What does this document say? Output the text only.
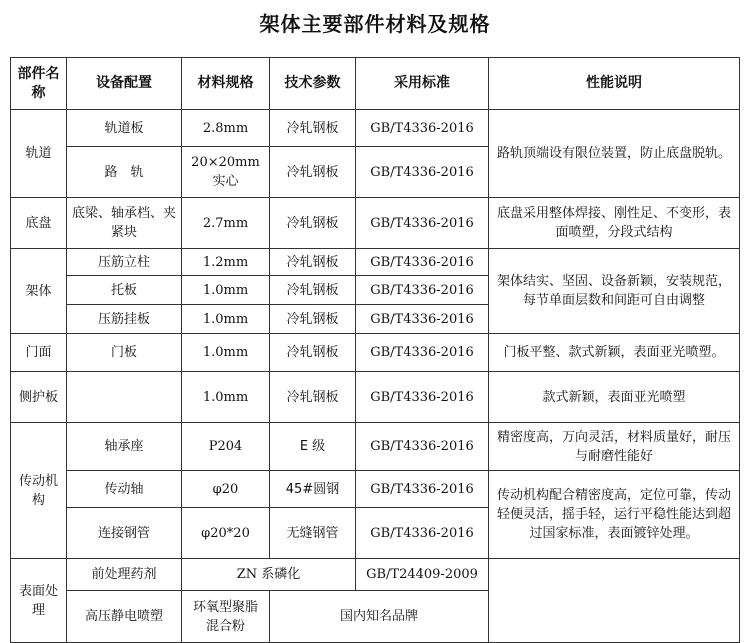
架体主要部件材料及规格
部件名称	设备配置	材料规格	技术参数	采用标准	性能说明
轨道	轨道板	2.8mm	冷轧钢板	GB/T4336-2016	路轨顶端设有限位装置，防止底盘脱轨。
	路　轨	20×20mm实心	冷轧钢板	GB/T4336-2016	
底盘	底梁、轴承档、夹紧块	2.7mm	冷轧钢板	GB/T4336-2016	底盘采用整体焊接、刚性足、不变形，表面喷塑，分段式结构
架体	压筋立柱	1.2mm	冷轧钢板	GB/T4336-2016	架体结实、坚固、设备新颖，安装规范，每节单面层数和间距可自由调整
	托板	1.0mm	冷轧钢板	GB/T4336-2016	
	压筋挂板	1.0mm	冷轧钢板	GB/T4336-2016	
门面	门板	1.0mm	冷轧钢板	GB/T4336-2016	门板平整、款式新颖，表面亚光喷塑。
侧护板		1.0mm	冷轧钢板	GB/T4336-2016	款式新颖，表面亚光喷塑
传动机构	轴承座	P204	E 级	GB/T4336-2016	精密度高，万向灵活，材料质量好，耐压与耐磨性能好
	传动轴	φ20	45#圆钢	GB/T4336-2016	传动机构配合精密度高，定位可靠，传动轻便灵活，摇手轻，运行平稳性能达到超过国家标准，表面镀锌处理。
	连接钢管	φ20*20	无缝钢管	GB/T4336-2016	
表面处理	前处理药剂	ZN 系磷化		GB/T24409-2009	
	高压静电喷塑	环氧型聚脂混合粉	国内知名品牌		
